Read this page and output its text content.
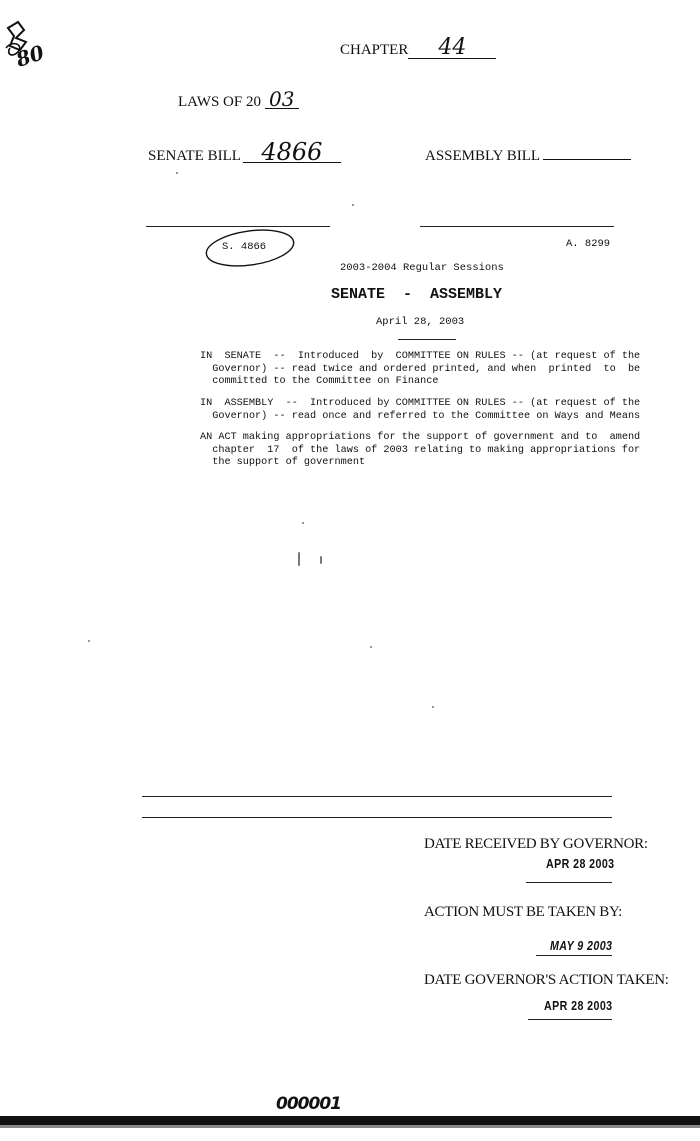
80	CHAPTER 44
LAWS OF 20 03
SENATE BILL 4866	ASSEMBLY BILL
S. 4866	A. 8299
2003-2004 Regular Sessions
SENATE  -  ASSEMBLY
April 28, 2003
IN  SENATE  --  Introduced  by  COMMITTEE ON RULES -- (at request of the
Governor) -- read twice and ordered printed, and when  printed  to  be
committed to the Committee on Finance
IN  ASSEMBLY  --  Introduced by COMMITTEE ON RULES -- (at request of the
Governor) -- read once and referred to the Committee on Ways and Means
AN ACT making appropriations for the support of government and to  amend
chapter  17  of the laws of 2003 relating to making appropriations for
the support of government
DATE RECEIVED BY GOVERNOR:
APR 28 2003
ACTION MUST BE TAKEN BY:
MAY 9 2003
DATE GOVERNOR'S ACTION TAKEN:
APR 28 2003
000001
